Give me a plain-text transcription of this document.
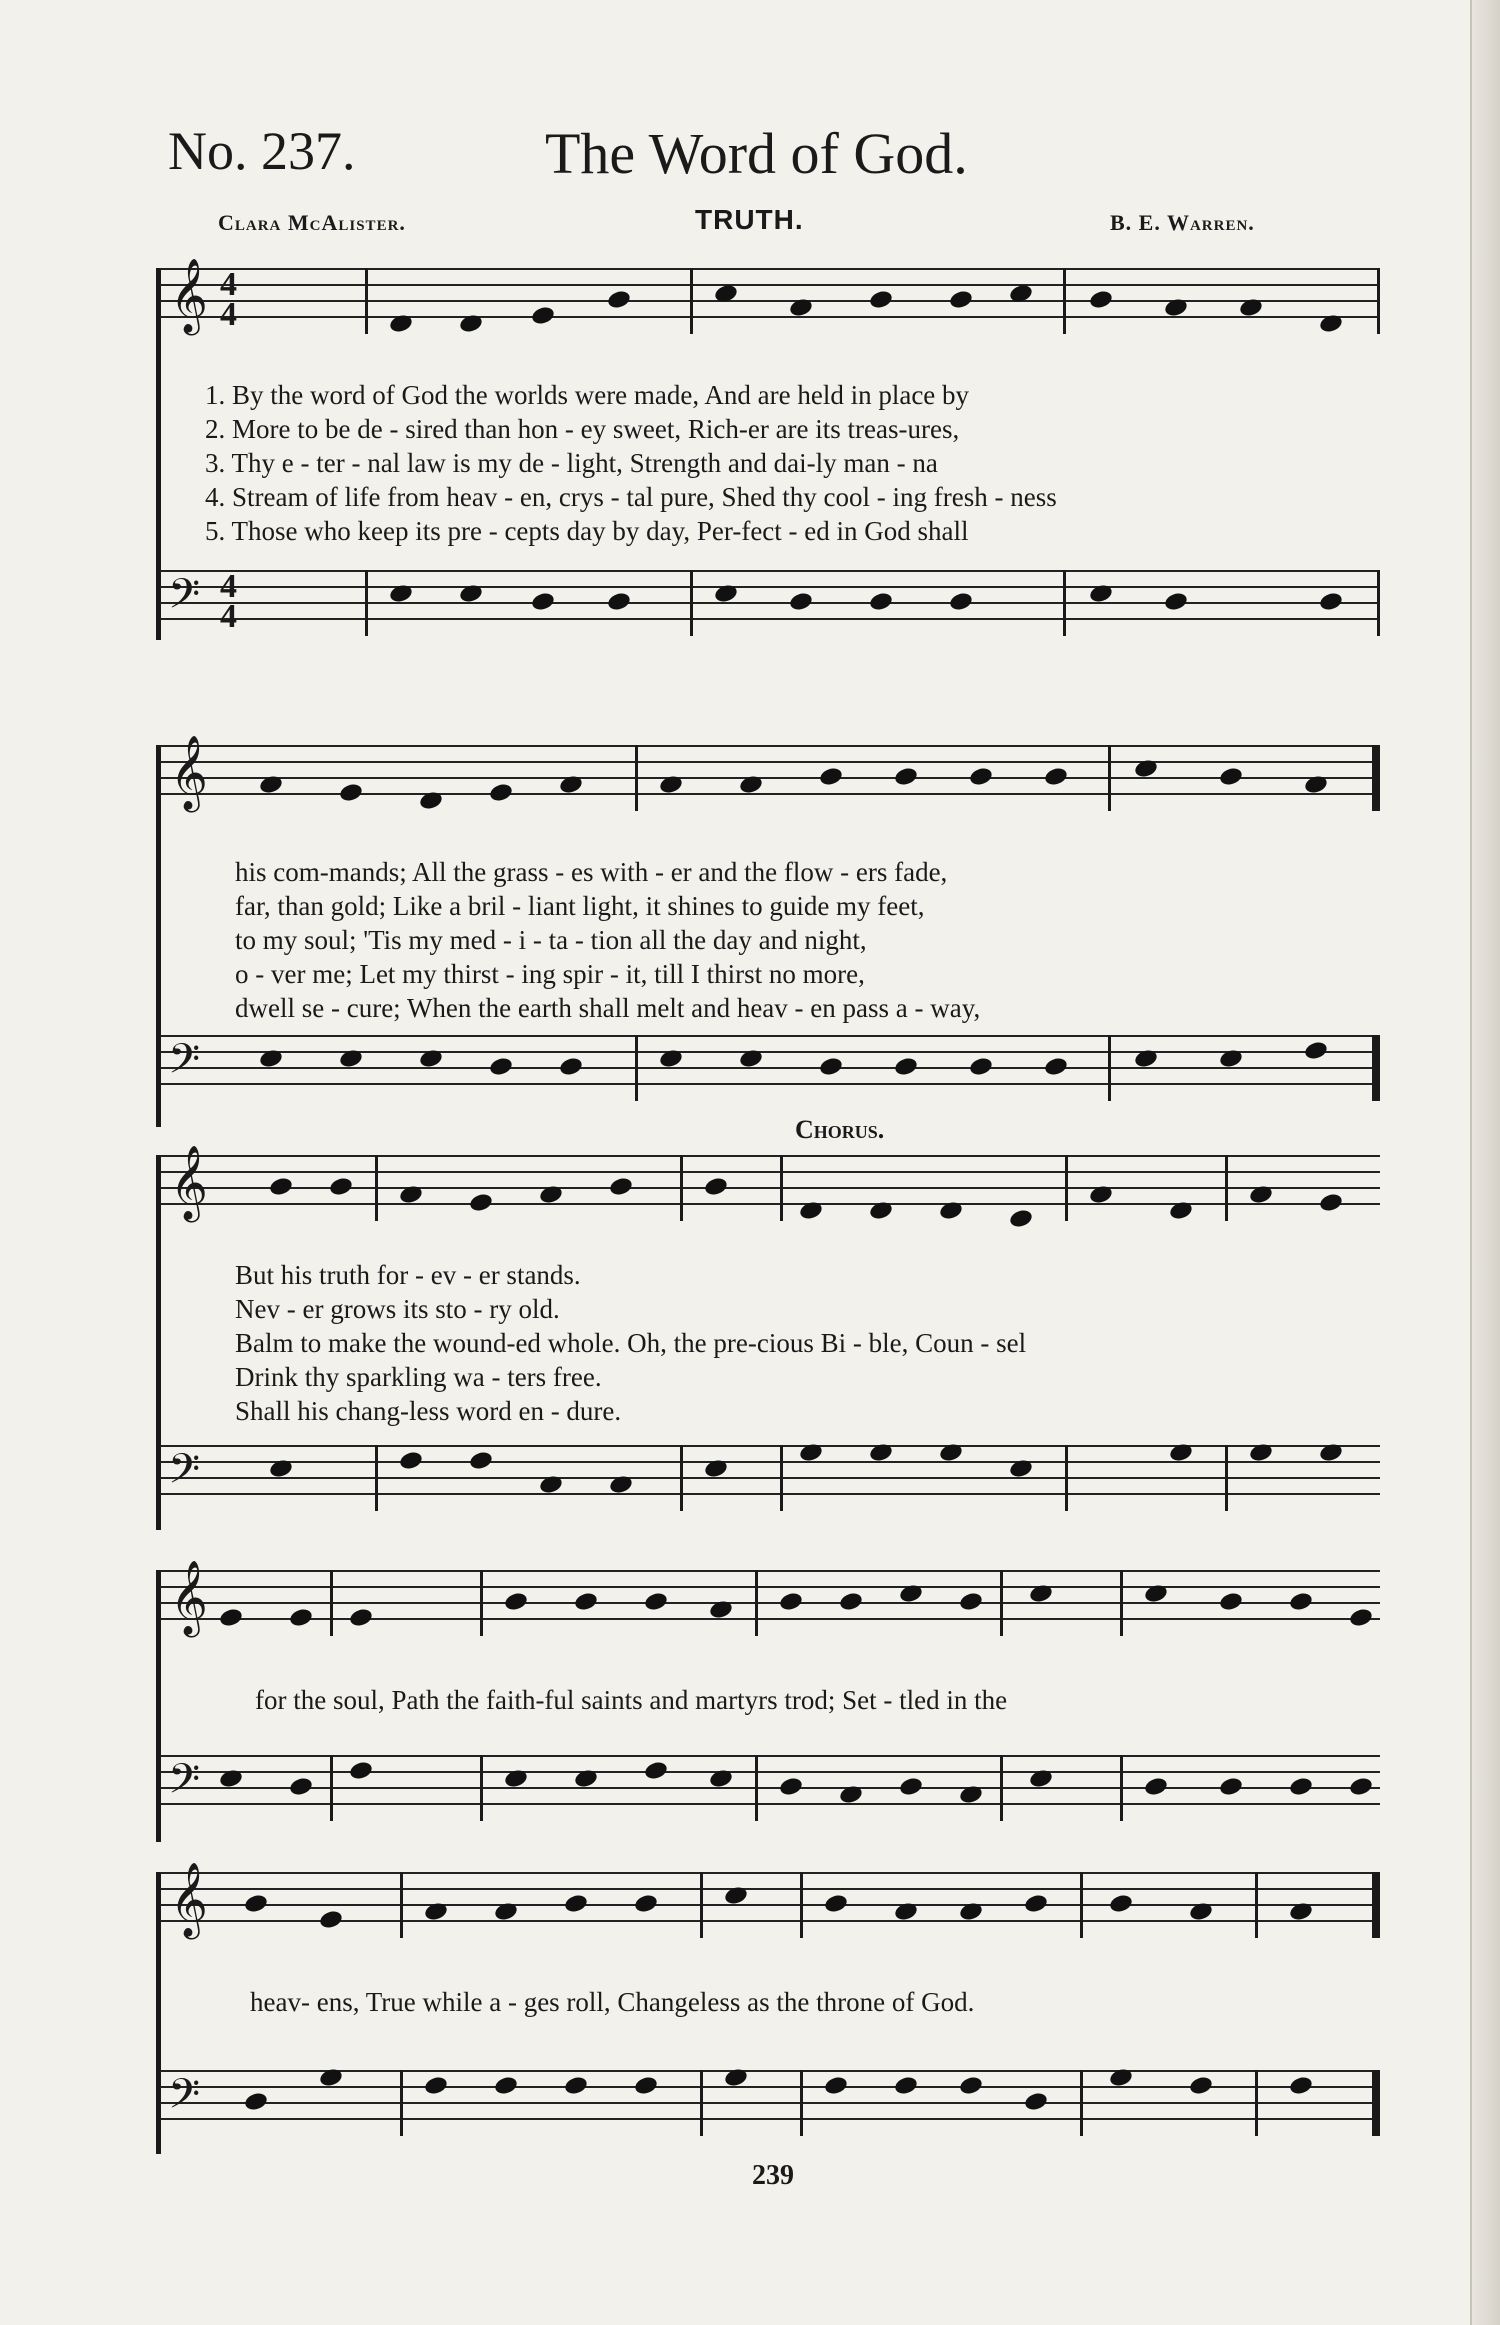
No. 237.	The Word of God.
Clara McAlister.	TRUTH.	B. E. Warren.
𝄞 4
4
1. By the word of God the worlds were made, And are held in place by
2. More to be de - sired than hon - ey sweet, Rich-er are its treas-ures,
3. Thy e - ter - nal law is my de - light, Strength and dai-ly man - na
4. Stream of life from heav - en, crys - tal pure, Shed thy cool - ing fresh - ness
5. Those who keep its pre - cepts day by day, Per-fect - ed in God shall
𝄢 4
4
𝄞
his com-mands; All the grass - es with - er and the flow - ers fade,
far, than gold; Like a bril - liant light, it shines to guide my feet,
to my soul; 'Tis my med - i - ta - tion all the day and night,
o - ver me; Let my thirst - ing spir - it, till I thirst no more,
dwell se - cure; When the earth shall melt and heav - en pass a - way,
𝄢
Chorus.
𝄞
But his truth for - ev - er stands.
Nev - er grows its sto - ry old.
Balm to make the wound-ed whole. Oh, the pre-cious Bi - ble, Coun - sel
Drink thy sparkling wa - ters free.
Shall his chang-less word en - dure.
𝄢
𝄞
for the soul, Path the faith-ful saints and martyrs trod; Set - tled in the
𝄢
𝄞
heav- ens, True while a - ges roll, Changeless as the throne of God.
𝄢
239
